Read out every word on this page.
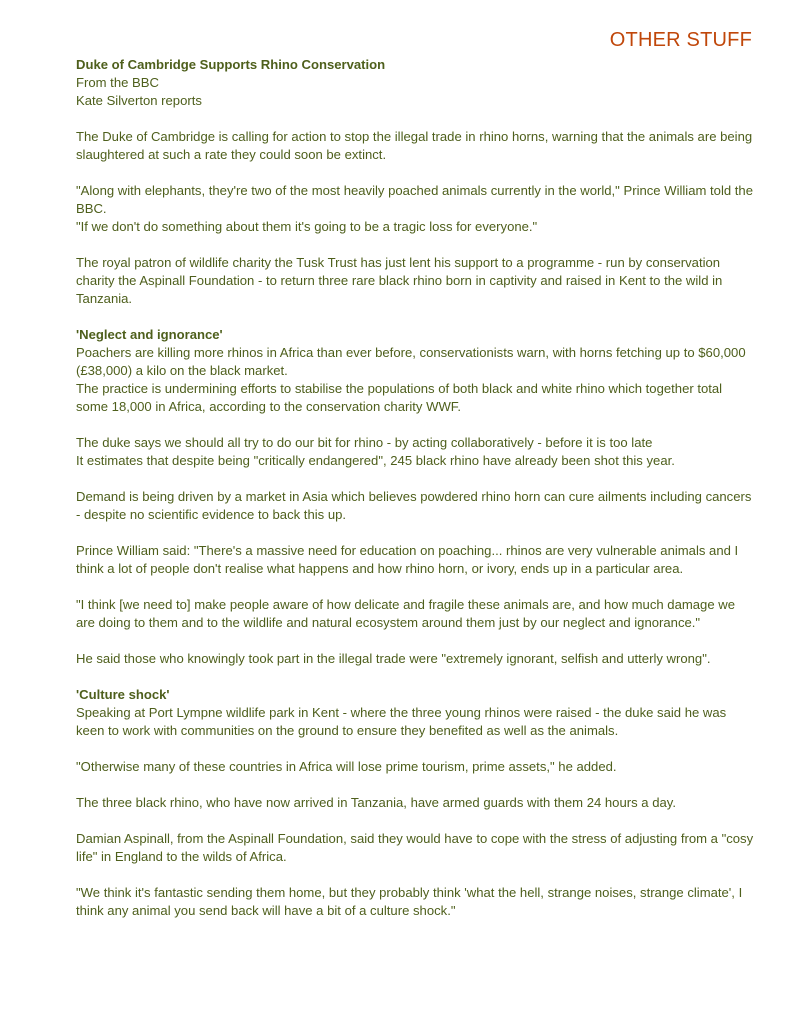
OTHER STUFF
Duke of Cambridge Supports Rhino Conservation
From the BBC
Kate Silverton reports

The Duke of Cambridge is calling for action to stop the illegal trade in rhino horns, warning that the animals are being slaughtered at such a rate they could soon be extinct.

"Along with elephants, they're two of the most heavily poached animals currently in the world," Prince William told the BBC.
"If we don't do something about them it's going to be a tragic loss for everyone."

The royal patron of wildlife charity the Tusk Trust has just lent his support to a programme - run by conservation charity the Aspinall Foundation - to return three rare black rhino born in captivity and raised in Kent to the wild in Tanzania.

'Neglect and ignorance'

Poachers are killing more rhinos in Africa than ever before, conservationists warn, with horns fetching up to $60,000 (£38,000) a kilo on the black market.
The practice is undermining efforts to stabilise the populations of both black and white rhino which together total some 18,000 in Africa, according to the conservation charity WWF.

The duke says we should all try to do our bit for rhino - by acting collaboratively - before it is too late
It estimates that despite being "critically endangered", 245 black rhino have already been shot this year.

Demand is being driven by a market in Asia which believes powdered rhino horn can cure ailments including cancers - despite no scientific evidence to back this up.

Prince William said: "There's a massive need for education on poaching... rhinos are very vulnerable animals and I think a lot of people don't realise what happens and how rhino horn, or ivory, ends up in a particular area.

"I think [we need to] make people aware of how delicate and fragile these animals are, and how much damage we are doing to them and to the wildlife and natural ecosystem around them just by our neglect and ignorance."

He said those who knowingly took part in the illegal trade were "extremely ignorant, selfish and utterly wrong".

'Culture shock'

Speaking at Port Lympne wildlife park in Kent - where the three young rhinos were raised - the duke said he was keen to work with communities on the ground to ensure they benefited as well as the animals.

"Otherwise many of these countries in Africa will lose prime tourism, prime assets," he added.

The three black rhino, who have now arrived in Tanzania, have armed guards with them 24 hours a day.

Damian Aspinall, from the Aspinall Foundation, said they would have to cope with the stress of adjusting from a "cosy life" in England to the wilds of Africa.

"We think it's fantastic sending them home, but they probably think 'what the hell, strange noises, strange climate', I think any animal you send back will have a bit of a culture shock."
